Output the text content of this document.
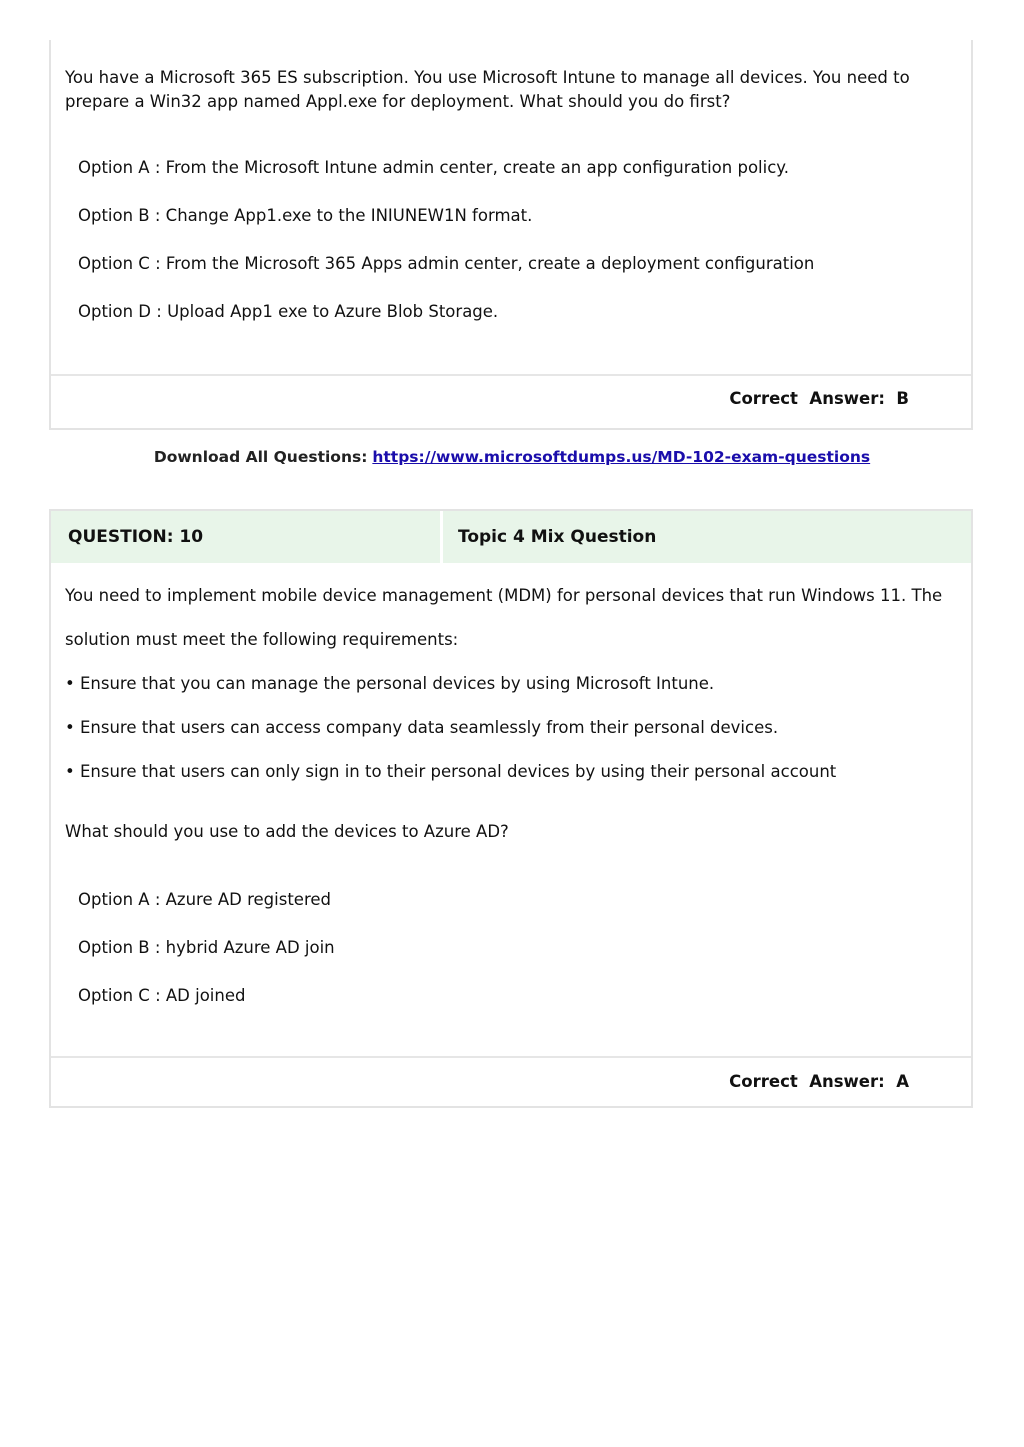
You have a Microsoft 365 ES subscription. You use Microsoft Intune to manage all devices. You need to prepare a Win32 app named Appl.exe for deployment. What should you do first?
Option A : From the Microsoft Intune admin center, create an app configuration policy.
Option B : Change App1.exe to the INIUNEW1N format.
Option C : From the Microsoft 365 Apps admin center, create a deployment configuration
Option D : Upload App1 exe to Azure Blob Storage.
Correct  Answer:  B
Download All Questions: https://www.microsoftdumps.us/MD-102-exam-questions
QUESTION: 10	Topic 4 Mix Question
You need to implement mobile device management (MDM) for personal devices that run Windows 11. The
solution must meet the following requirements:
• Ensure that you can manage the personal devices by using Microsoft Intune.
• Ensure that users can access company data seamlessly from their personal devices.
• Ensure that users can only sign in to their personal devices by using their personal account
What should you use to add the devices to Azure AD?
Option A : Azure AD registered
Option B : hybrid Azure AD join
Option C : AD joined
Correct  Answer:  A
